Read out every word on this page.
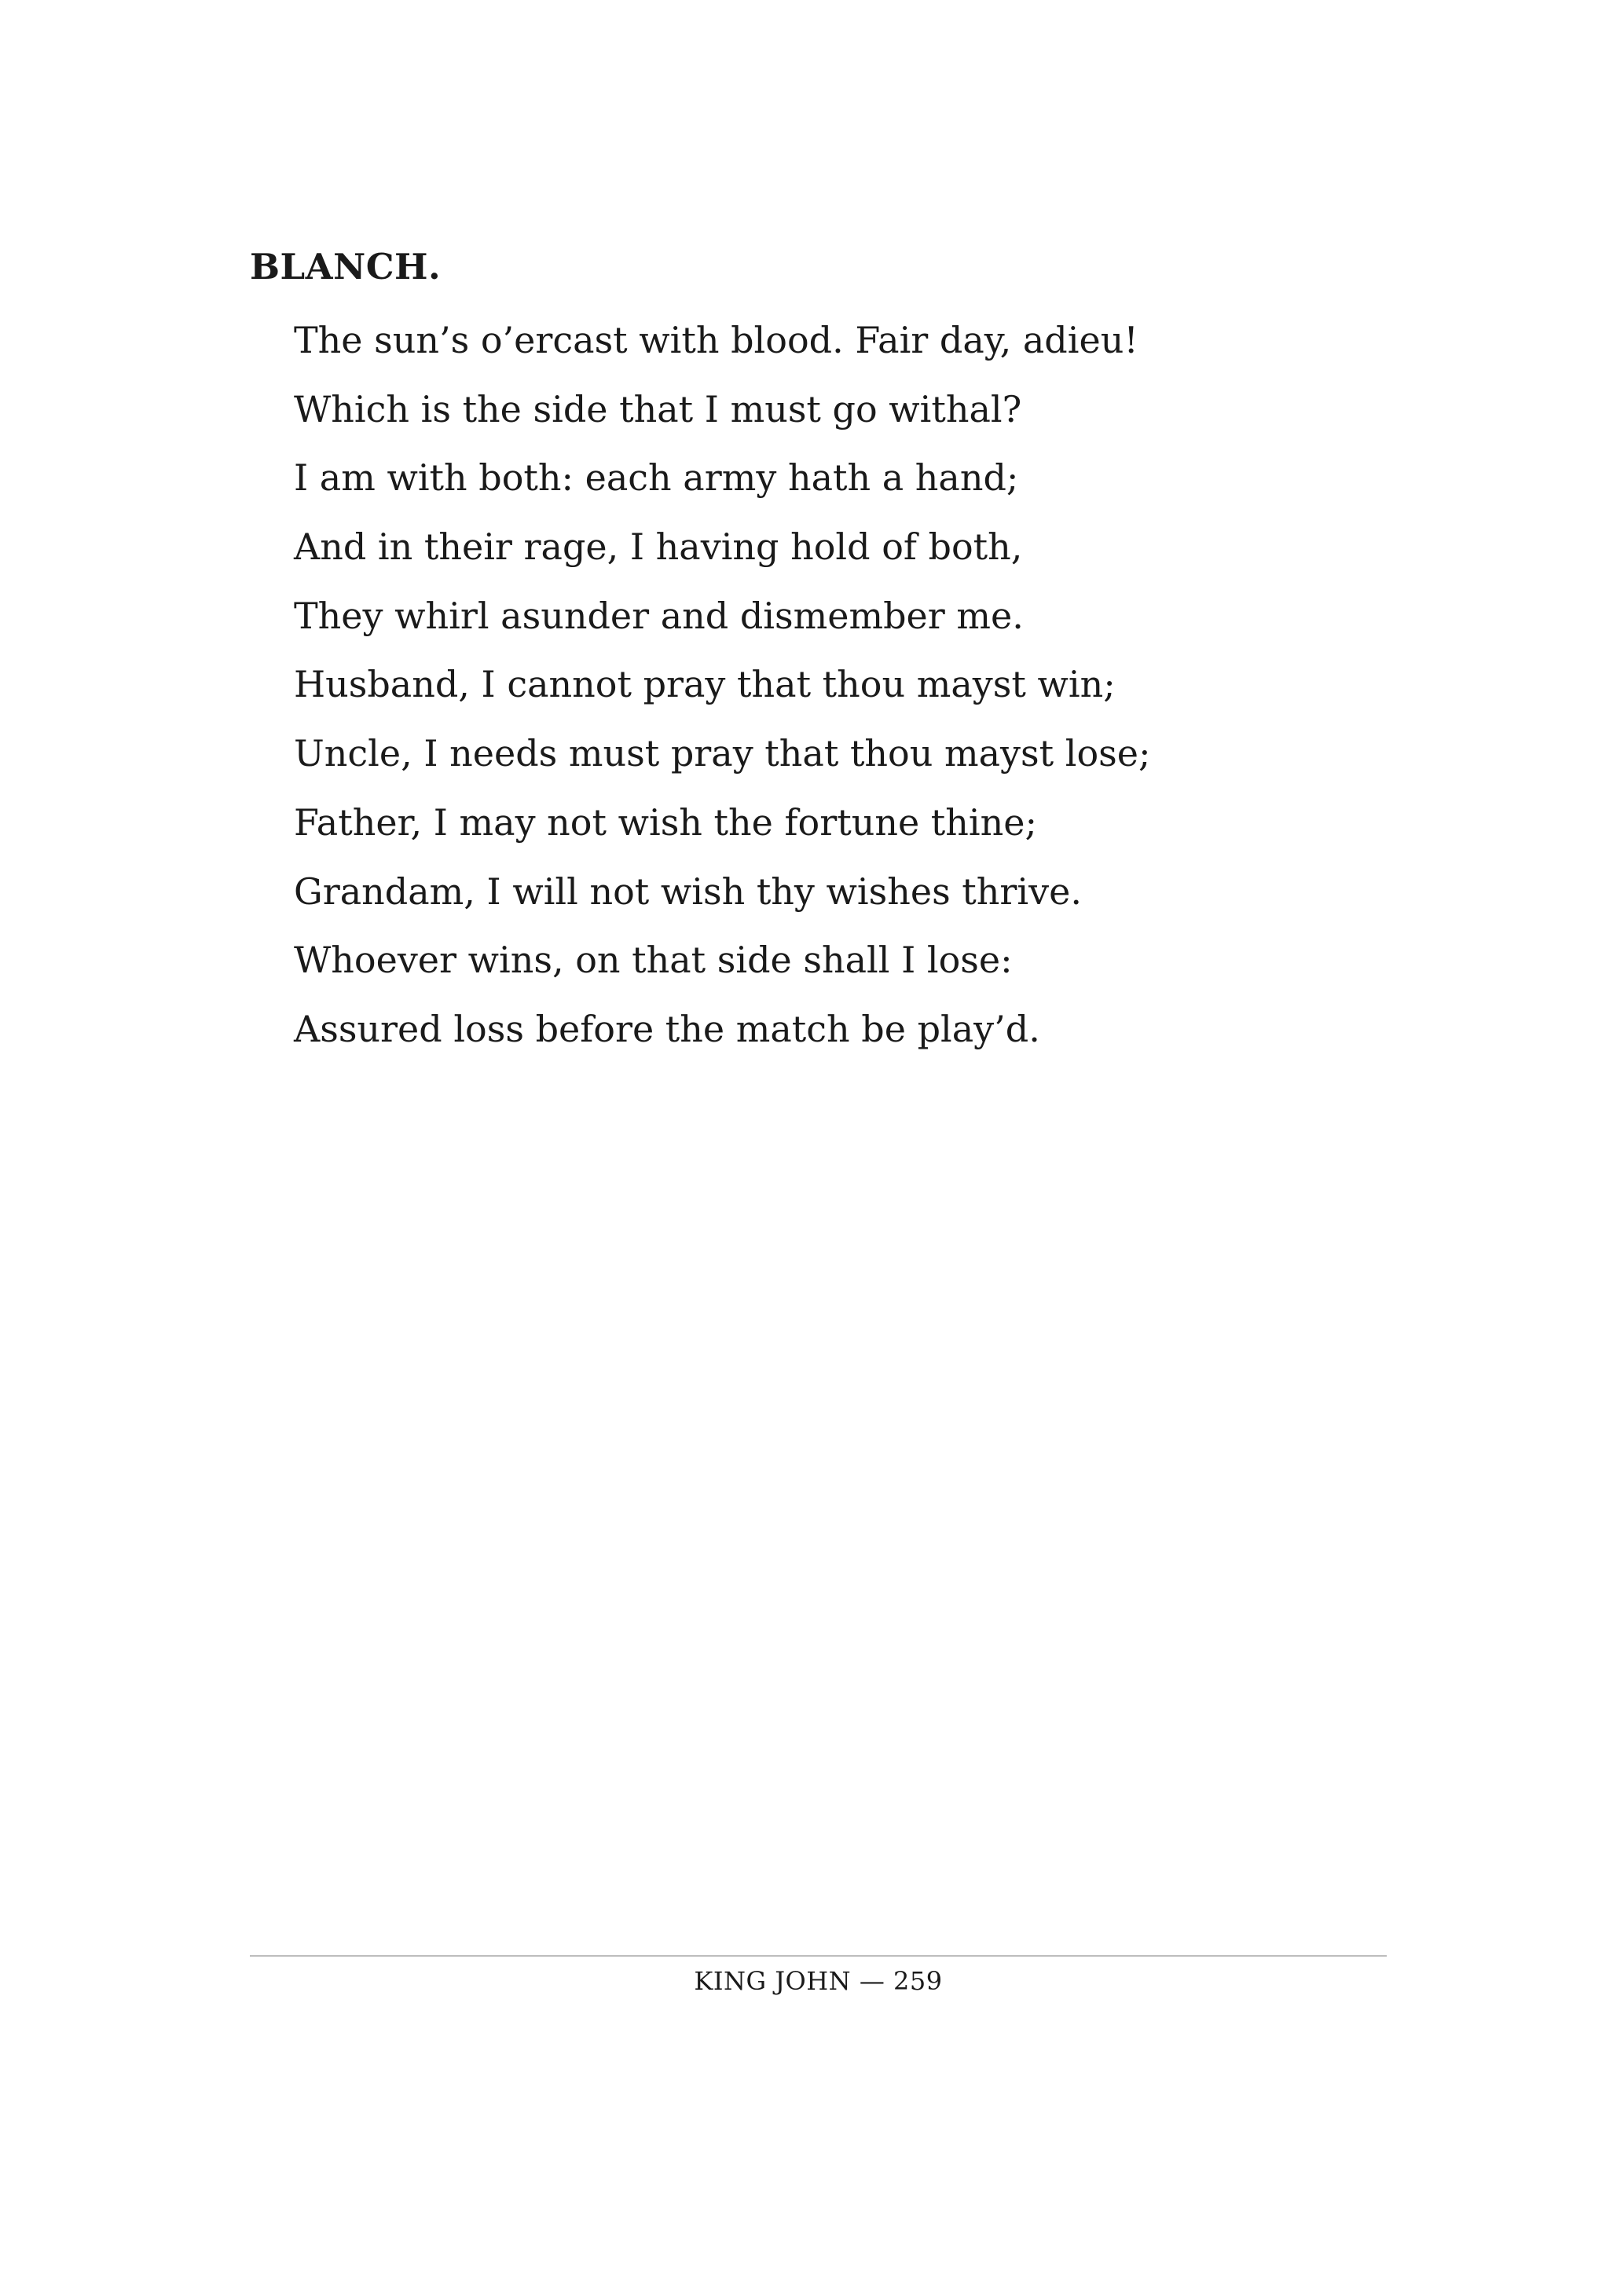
BLANCH.

The sun’s o’ercast with blood. Fair day, adieu!
Which is the side that I must go withal?
I am with both: each army hath a hand;
And in their rage, I having hold of both,
They whirl asunder and dismember me.
Husband, I cannot pray that thou mayst win;
Uncle, I needs must pray that thou mayst lose;
Father, I may not wish the fortune thine;
Grandam, I will not wish thy wishes thrive.
Whoever wins, on that side shall I lose:
Assured loss before the match be play’d.
KING JOHN — 259
